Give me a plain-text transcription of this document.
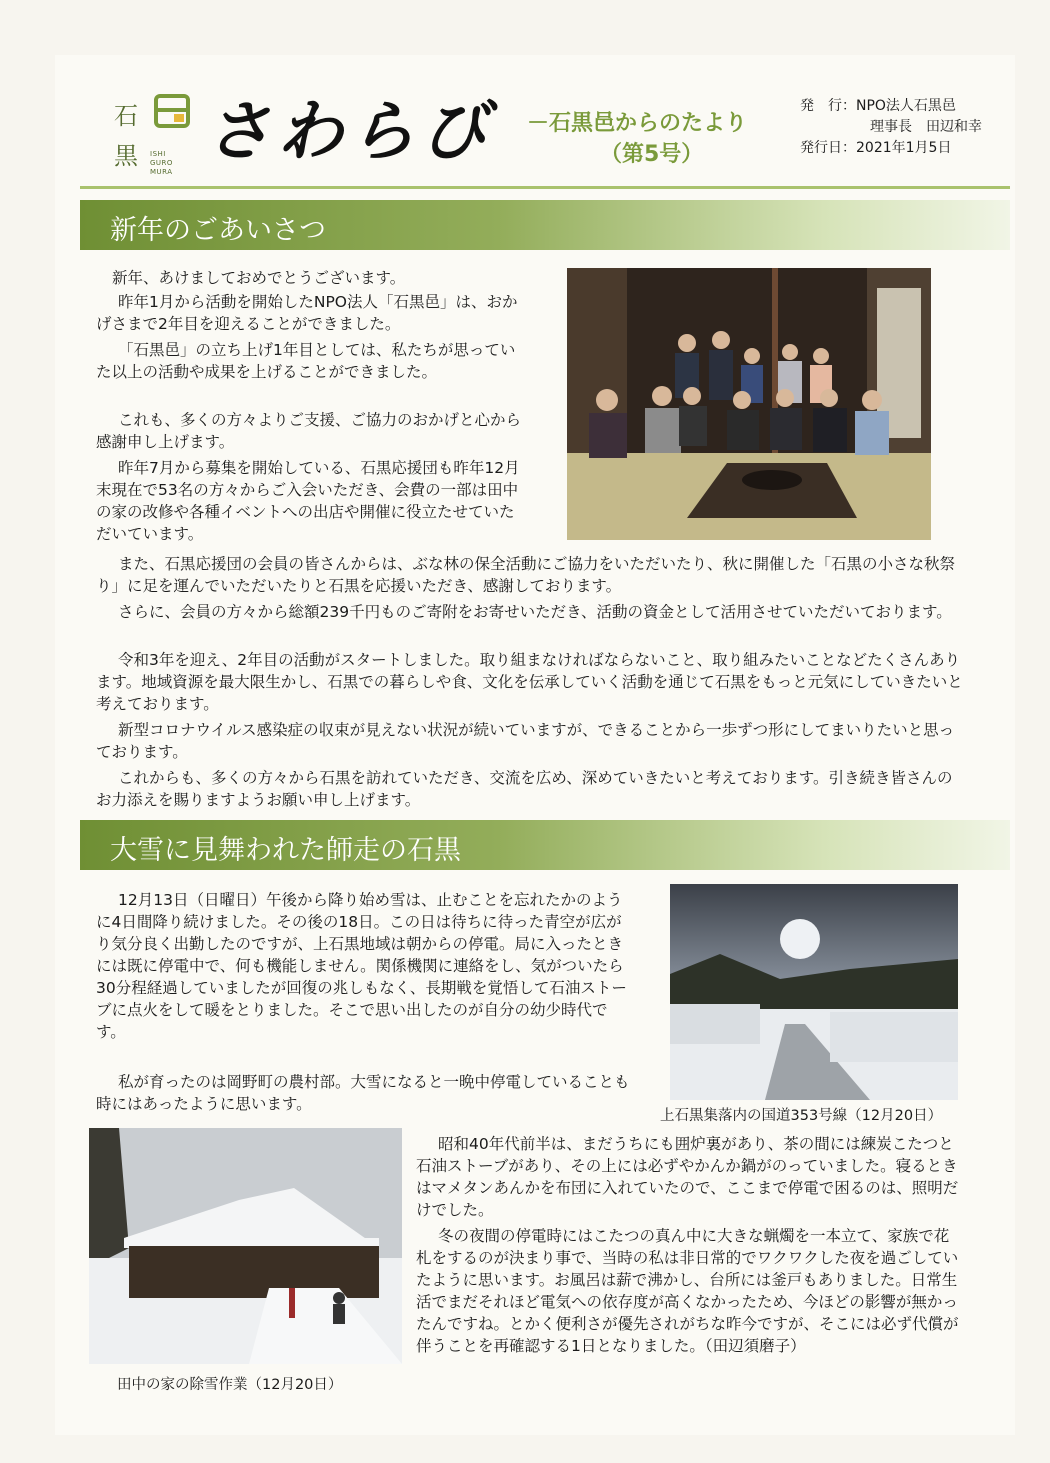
石
黒 ISHI GURO MURA
さわらび －石黒邑からのたより
（第5号）
発　行：NPO法人石黒邑
理事長　田辺和幸
発行日：2021年1月5日
新年のごあいさつ
新年、あけましておめでとうございます。
昨年1月から活動を開始したNPO法人「石黒邑」は、おかげさまで2年目を迎えることができました。
「石黒邑」の立ち上げ1年目としては、私たちが思っていた以上の活動や成果を上げることができました。
これも、多くの方々よりご支援、ご協力のおかげと心から感謝申し上げます。
昨年7月から募集を開始している、石黒応援団も昨年12月末現在で53名の方々からご入会いただき、会費の一部は田中の家の改修や各種イベントへの出店や開催に役立たせていただいています。
また、石黒応援団の会員の皆さんからは、ぶな林の保全活動にご協力をいただいたり、秋に開催した「石黒の小さな秋祭り」に足を運んでいただいたりと石黒を応援いただき、感謝しております。
さらに、会員の方々から総額239千円ものご寄附をお寄せいただき、活動の資金として活用させていただいております。
令和3年を迎え、2年目の活動がスタートしました。取り組まなければならないこと、取り組みたいことなどたくさんあります。地域資源を最大限生かし、石黒での暮らしや食、文化を伝承していく活動を通じて石黒をもっと元気にしていきたいと考えております。
新型コロナウイルス感染症の収束が見えない状況が続いていますが、できることから一歩ずつ形にしてまいりたいと思っております。
これからも、多くの方々から石黒を訪れていただき、交流を広め、深めていきたいと考えております。引き続き皆さんのお力添えを賜りますようお願い申し上げます。
大雪に見舞われた師走の石黒
上石黒集落内の国道353号線（12月20日）
12月13日（日曜日）午後から降り始め雪は、止むことを忘れたかのように4日間降り続けました。その後の18日。この日は待ちに待った青空が広がり気分良く出勤したのですが、上石黒地域は朝からの停電。局に入ったときには既に停電中で、何も機能しません。関係機関に連絡をし、気がついたら30分程経過していましたが回復の兆しもなく、長期戦を覚悟して石油ストーブに点火をして暖をとりました。そこで思い出したのが自分の幼少時代です。
私が育ったのは岡野町の農村部。大雪になると一晩中停電していることも時にはあったように思います。
田中の家の除雪作業（12月20日）
昭和40年代前半は、まだうちにも囲炉裏があり、茶の間には練炭こたつと石油ストーブがあり、その上には必ずやかんか鍋がのっていました。寝るときはマメタンあんかを布団に入れていたので、ここまで停電で困るのは、照明だけでした。
冬の夜間の停電時にはこたつの真ん中に大きな蝋燭を一本立て、家族で花札をするのが決まり事で、当時の私は非日常的でワクワクした夜を過ごしていたように思います。お風呂は薪で沸かし、台所には釜戸もありました。日常生活でまだそれほど電気への依存度が高くなかったため、今ほどの影響が無かったんですね。とかく便利さが優先されがちな昨今ですが、そこには必ず代償が伴うことを再確認する1日となりました。（田辺須磨子）
